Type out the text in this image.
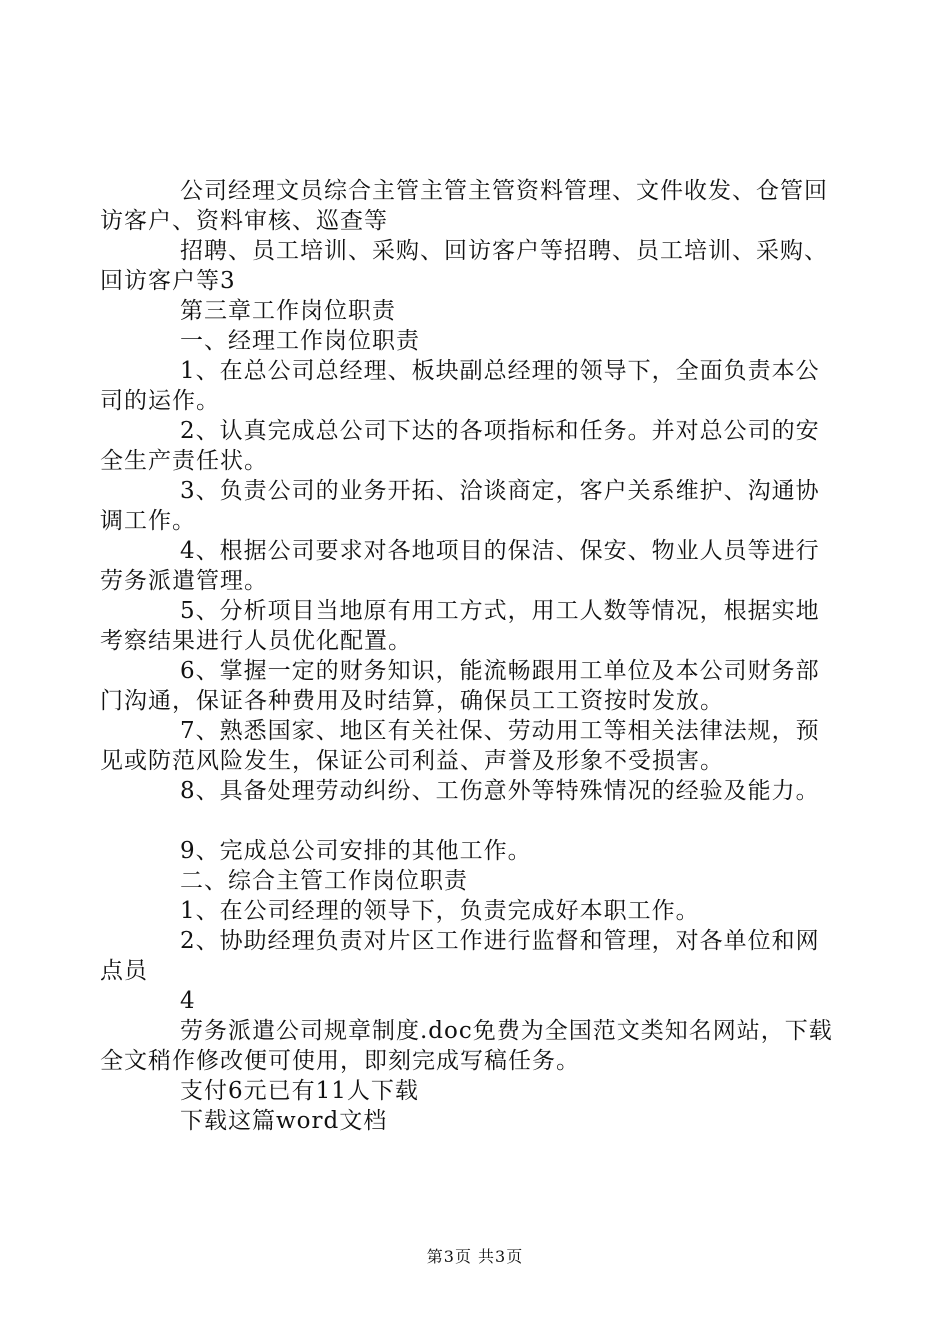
公司经理文员综合主管主管主管资料管理、文件收发、仓管回访客户、资料审核、巡查等

招聘、员工培训、采购、回访客户等招聘、员工培训、采购、回访客户等3

第三章工作岗位职责

一、经理工作岗位职责

1、在总公司总经理、板块副总经理的领导下，全面负责本公司的运作。

2、认真完成总公司下达的各项指标和任务。并对总公司的安全生产责任状。

3、负责公司的业务开拓、洽谈商定，客户关系维护、沟通协调工作。

4、根据公司要求对各地项目的保洁、保安、物业人员等进行劳务派遣管理。

5、分析项目当地原有用工方式，用工人数等情况，根据实地考察结果进行人员优化配置。

6、掌握一定的财务知识，能流畅跟用工单位及本公司财务部门沟通，保证各种费用及时结算，确保员工工资按时发放。

7、熟悉国家、地区有关社保、劳动用工等相关法律法规，预见或防范风险发生，保证公司利益、声誉及形象不受损害。

8、具备处理劳动纠纷、工伤意外等特殊情况的经验及能力。

9、完成总公司安排的其他工作。

二、综合主管工作岗位职责

1、在公司经理的领导下，负责完成好本职工作。

2、协助经理负责对片区工作进行监督和管理，对各单位和网点员

4

劳务派遣公司规章制度.doc免费为全国范文类知名网站，下载全文稍作修改便可使用，即刻完成写稿任务。

支付6元已有11人下载

下载这篇word文档

第3页 共3页
